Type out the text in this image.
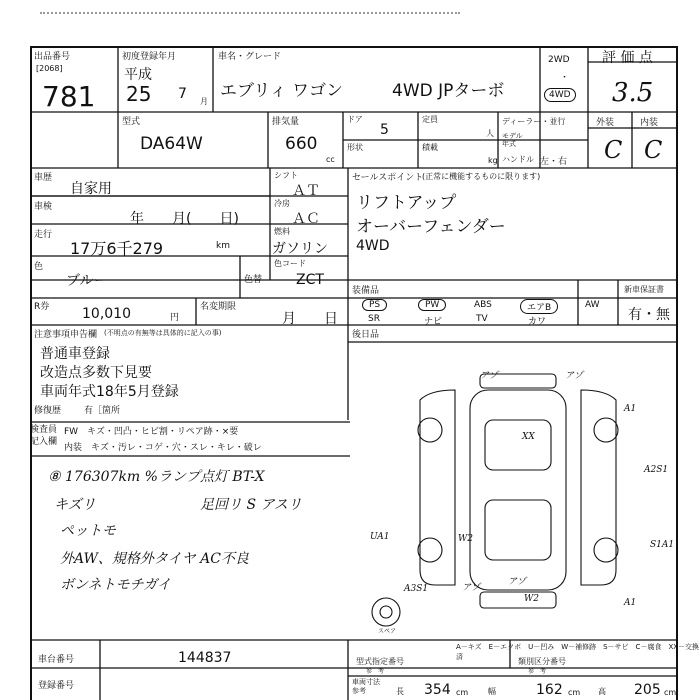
出品番号
[2068]
781
初度登録年月
平成
25 7 月
車名・グレード
エブリィ ワゴン	4WD JPターボ
2WD
・
4WD
評 価 点
3.5
型式
DA64W
排気量
660
cc
ドア
5
定員
人
形状	積載
kg
ディーラー・並行
モデル
年式
ハンドル 左・右
外装	内装
C C
車歴
自家用
車検
年　　月(　　日)
走行
17万6千279	km
色
ブルー	色替
R券 10,010	円
名変期限
月　　日
注意事項申告欄 (不明点の有無等は具体的に記入の事)
普通車登録
改造点多数下見要
車両年式18年5月登録
修復歴	有［箇所
シフト
ＡＴ
冷房
ＡＣ
燃料
ガソリン
色コード
ZCT
セールスポイント
(正常に機能するものに限ります)
リフトアップ
オーバーフェンダー
4WD
装備品
PS	PW	ABS	エアB	AW
SR	ナビ	TV	カワ
新車保証書
有・無
検査員
記入欄
FW　キズ・凹凸・ヒビ割・リペア跡・×要
内装　キズ・汚レ・コゲ・穴・スレ・キレ・破レ
⑧ 176307km %ランプ点灯 BT-X
キズリ	足回リ S アスリ
ペットモ
外AW、規格外タイヤ AC不良
ボンネトモチガイ
後日品
アゾ	アゾ
A1
XX
A2S1
UA1	W2
S1A1
アゾ
アゾ
A3S1
W2	A1
スペア
A－キズ　E－エクボ　U－凹み　W－補修跡　S－サビ　C－腐食　XX－交換済
車台番号	144837
登録番号
型式指定番号
参　考
類別区分番号
参　考
車両寸法
参考	長 354 cm 幅	162 cm 高 205 cm
